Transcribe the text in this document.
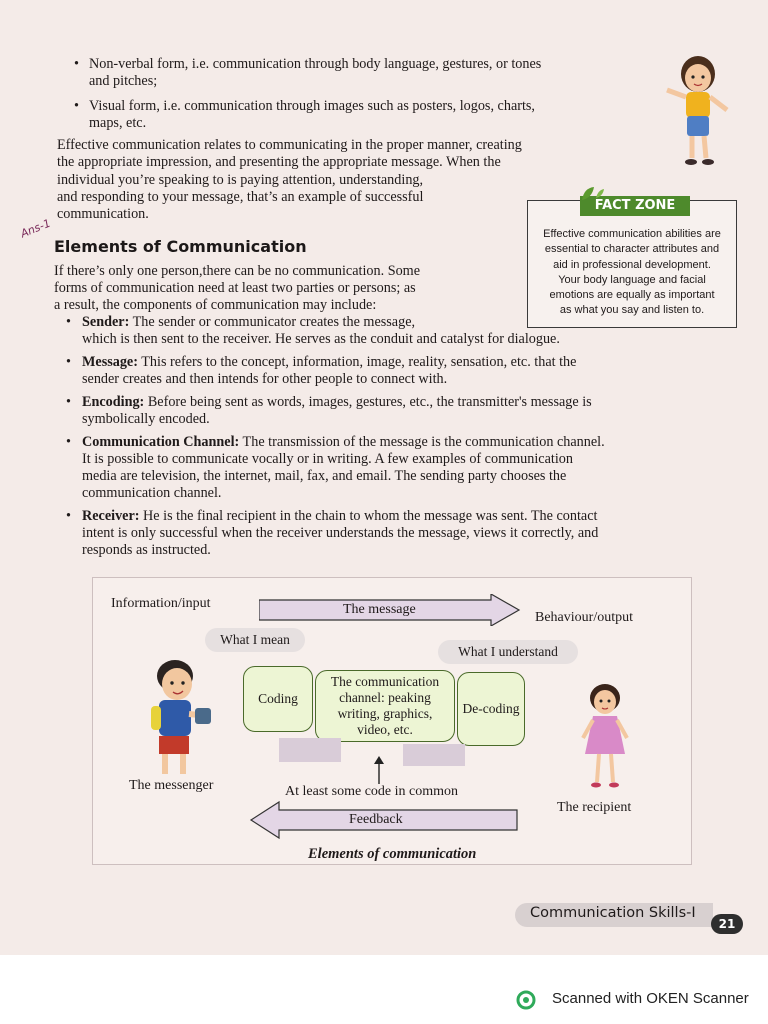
• Non-verbal form, i.e. communication through body language, gestures, or tones
and pitches;
• Visual form, i.e. communication through images such as posters, logos, charts,
maps, etc.
Effective communication relates to communicating in the proper manner, creating
the appropriate impression, and presenting the appropriate message. When the
individual you’re speaking to is paying attention, understanding,
and responding to your message, that’s an example of successful
communication.
Ans-1
Elements of Communication
If there’s only one person,there can be no communication. Some
forms of communication need at least two parties or persons; as
a result, the components of communication may include:
FACT ZONE
Effective communication abilities are
essential to character attributes and
aid in professional development.
Your body language and facial
emotions are equally as important
as what you say and listen to.
• Sender: The sender or communicator creates the message,
which is then sent to the receiver. He serves as the conduit and catalyst for dialogue.
• Message: This refers to the concept, information, image, reality, sensation, etc. that the
sender creates and then intends for other people to connect with.
• Encoding: Before being sent as words, images, gestures, etc., the transmitter's message is
symbolically encoded.
• Communication Channel: The transmission of the message is the communication channel.
It is possible to communicate vocally or in writing. A few examples of communication
media are television, the internet, mail, fax, and email. The sending party chooses the
communication channel.
• Receiver: He is the final recipient in the chain to whom the message was sent. The contact
intent is only successful when the receiver understands the message, views it correctly, and
responds as instructed.
Information/input	The message
Behaviour/output
What I mean
What I understand
Coding
The communication
channel: peaking
writing, graphics,
video, etc.
De-coding
The messenger
The recipient
At least some code in common
Feedback
Elements of communication
Communication Skills-I
21
Scanned with OKEN Scanner
